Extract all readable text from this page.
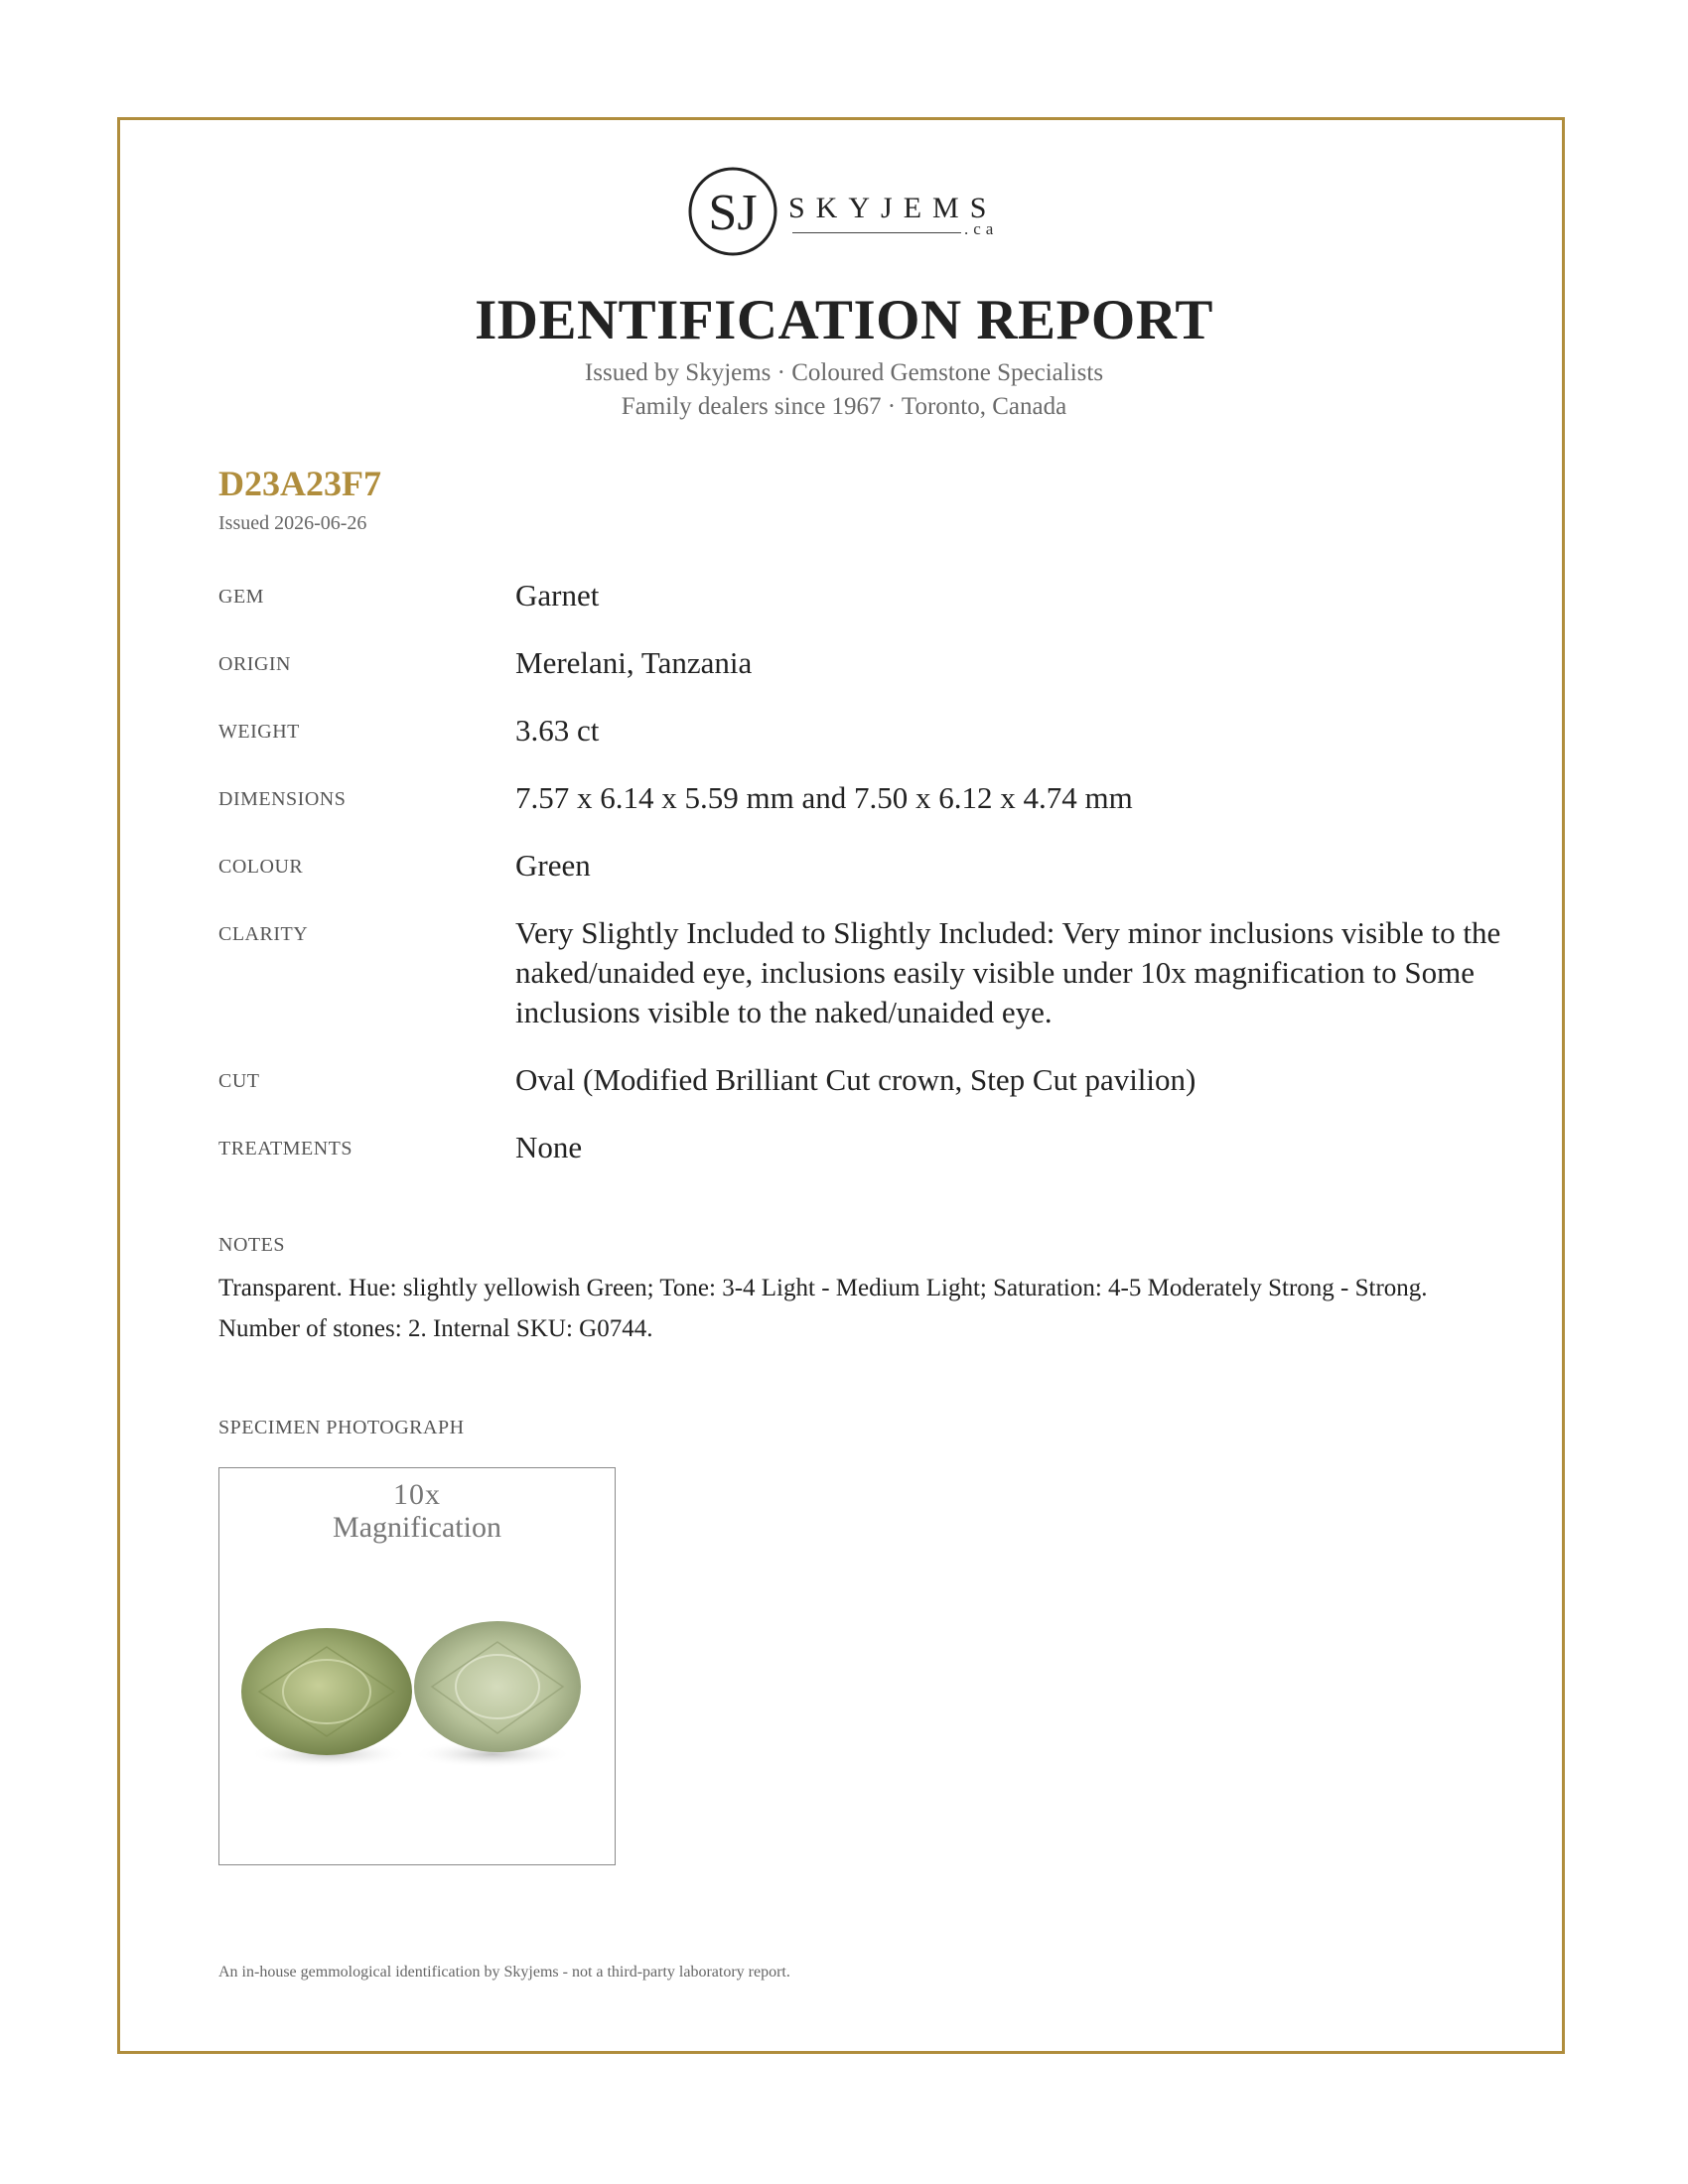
SJ SKYJEMS
.ca
IDENTIFICATION REPORT
Issued by Skyjems · Coloured Gemstone Specialists
Family dealers since 1967 · Toronto, Canada
D23A23F7
Issued 2026-06-26
GEM	Garnet
ORIGIN	Merelani, Tanzania
WEIGHT	3.63 ct
DIMENSIONS	7.57 x 6.14 x 5.59 mm and 7.50 x 6.12 x 4.74 mm
COLOUR	Green
CLARITY	Very Slightly Included to Slightly Included: Very minor inclusions visible to the naked/unaided eye, inclusions easily visible under 10x magnification to Some inclusions visible to the naked/unaided eye.
CUT	Oval (Modified Brilliant Cut crown, Step Cut pavilion)
TREATMENTS	None
NOTES
Transparent. Hue: slightly yellowish Green; Tone: 3-4 Light - Medium Light; Saturation: 4-5 Moderately Strong - Strong. Number of stones: 2. Internal SKU: G0744.
SPECIMEN PHOTOGRAPH
10x
Magnification
An in-house gemmological identification by Skyjems - not a third-party laboratory report.
